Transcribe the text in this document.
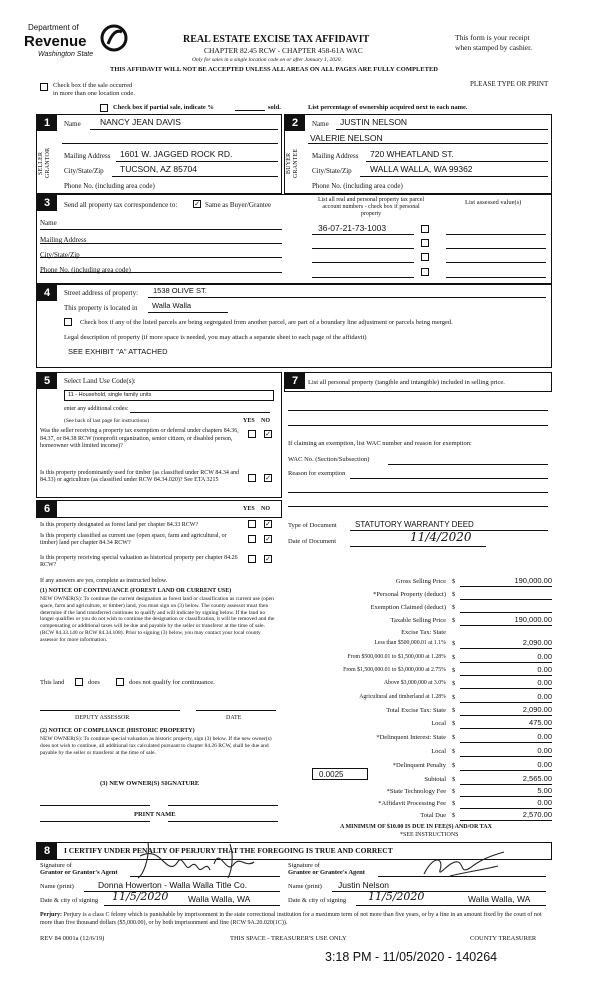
Department of
Revenue
Washington State
REAL ESTATE EXCISE TAX AFFIDAVIT
CHAPTER 82.45 RCW - CHAPTER 458-61A WAC
Only for sales in a single location code on or after January 1, 2020.
THIS AFFIDAVIT WILL NOT BE ACCEPTED UNLESS ALL AREAS ON ALL PAGES ARE FULLY COMPLETED
This form is your receipt
when stamped by cashier.
PLEASE TYPE OR PRINT
Check box if the sale occurred
in more than one location code.
Check box if partial sale, indicate %	sold.	List percentage of ownership acquired next to each name.
1
SELLER GRANTOR
Name NANCY JEAN DAVIS
Mailing Address 1601 W. JAGGED ROCK RD.
City/State/Zip TUCSON, AZ 85704
Phone No. (including area code)
2
BUYER GRANTEE
Name JUSTIN NELSON
VALERIE NELSON
Mailing Address 720 WHEATLAND ST.
City/State/Zip WALLA WALLA, WA 99362
Phone No. (including area code)
3	Send all property tax correspondence to: ✓ Same as Buyer/Grantee
List all real and personal property tax parcel account numbers - check box if personal property
List assessed value(s)
Name
Mailing Address
City/State/Zip
Phone No. (including area code)
36-07-21-73-1003
4	Street address of property: 1538 OLIVE ST.
This property is located in Walla Walla
Check box if any of the listed parcels are being segregated from another parcel, are part of a boundary line adjustment or parcels being merged.
Legal description of property (if more space is needed, you may attach a separate sheet to each page of the affidavit)
SEE EXHIBIT "A" ATTACHED
5	Select Land Use Code(s):
11 - Household, single family units
enter any additional codes:
(See back of last page for instructions)	YES NO
Was the seller receiving a property tax exemption or deferral under chapters 84.36, 84.37, or 84.38 RCW (nonprofit organization, senior citizen, or disabled person, homeowner with limited income)?
✓
Is this property predominantly used for timber (as classified under RCW 84.34 and 84.33) or agriculture (as classified under RCW 84.34.020)? See ETA 3215	✓
6	YES NO
Is this property designated as forest land per chapter 84.33 RCW?	✓
Is this property classified as current use (open space, farm and agricultural, or timber) land per chapter 84.34 RCW?
✓
Is this property receiving special valuation as historical property per chapter 84.26 RCW?
✓
If any answers are yes, complete as instructed below.
(1) NOTICE OF CONTINUANCE (FOREST LAND OR CURRENT USE)
NEW OWNER(S): To continue the current designation as forest land or classification as current use (open space, farm and agriculture, or timber) land, you must sign on (3) below. The county assessor must then determine if the land transferred continues to qualify and will indicate by signing below. If the land no longer qualifies or you do not wish to continue the designation or classification, it will be removed and the compensating or additional taxes will be due and payable by the seller or transferor at the time of sale. (RCW 84.33.140 or RCW 84.34.108). Prior to signing (3) below, you may contact your local county assessor for more information.
This land	does	does not qualify for continuance.
DEPUTY ASSESSOR	DATE
(2) NOTICE OF COMPLIANCE (HISTORIC PROPERTY)
NEW OWNER(S): To continue special valuation as historic property, sign (3) below. If the new owner(s) does not wish to continue, all additional tax calculated pursuant to chapter 84.26 RCW, shall be due and payable by the seller or transferor at the time of sale.
(3) NEW OWNER(S) SIGNATURE
PRINT NAME
7	List all personal property (tangible and intangible) included in selling price.
If claiming an exemption, list WAC number and reason for exemption:
WAC No. (Section/Subsection)
Reason for exemption
Type of Document STATUTORY WARRANTY DEED
Date of Document	11/4/2020
Gross Selling Price $	190,000.00
*Personal Property (deduct) $
Exemption Claimed (deduct) $
Taxable Selling Price $	190,000.00
Excise Tax: State
Less than $500,000.01 at 1.1% $	2,090.00
From $500,000.01 to $1,500,000 at 1.28% $	0.00
From $1,500,000.01 to $3,000,000 at 2.75% $	0.00
Above $3,000,000 at 3.0% $	0.00
Agricultural and timberland at 1.28% $	0.00
Total Excise Tax: State $	2,090.00
Local $	475.00
*Delinquent Interest: State $	0.00
Local $	0.00
*Delinquent Penalty $	0.00
Subtotal $	2,565.00
*State Technology Fee $	5.00
*Affidavit Processing Fee $	0.00
Total Due $	2,570.00
0.0025
A MINIMUM OF $10.00 IS DUE IN FEE(S) AND/OR TAX
*SEE INSTRUCTIONS
8	I CERTIFY UNDER PENALTY OF PERJURY THAT THE FOREGOING IS TRUE AND CORRECT
Signature of
Grantor or Grantor's Agent
Signature of
Grantee or Grantee's Agent
Name (print)	Donna Howerton - Walla Walla Title Co.	Name (print) Justin Nelson
Date & city of signing 11/5/2020 Walla Walla, WA	Date & city of signing 11/5/2020	Walla Walla, WA
Perjury: Perjury is a class C felony which is punishable by imprisonment in the state correctional institution for a maximum term of not more than five years, or by a fine in an amount fixed by the court of not more than five thousand dollars ($5,000.00), or by both imprisonment and fine (RCW 9A.20.020(1C)).
REV 84 0001a (12/6/19)	THIS SPACE - TREASURER'S USE ONLY	COUNTY TREASURER
3:18 PM - 11/05/2020 - 140264
